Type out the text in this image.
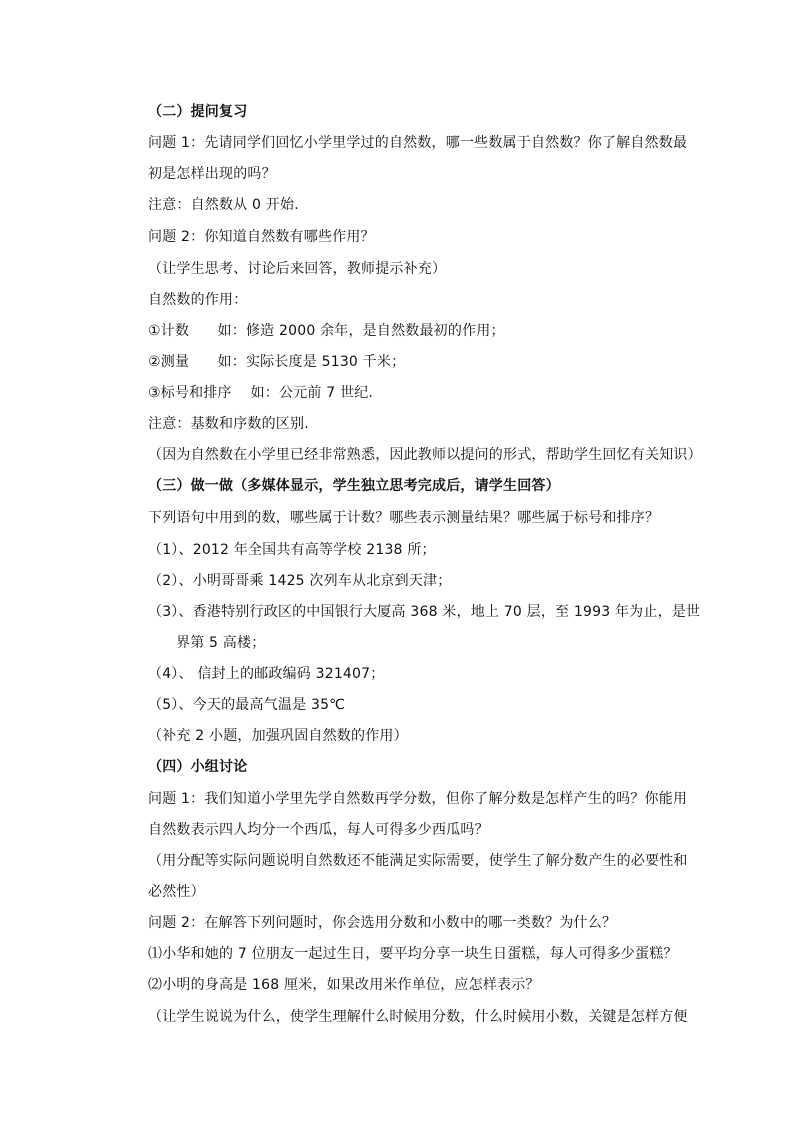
（二）提问复习
问题 1：先请同学们回忆小学里学过的自然数，哪一些数属于自然数？你了解自然数最
初是怎样出现的吗？
注意：自然数从 0 开始.
问题 2：你知道自然数有哪些作用？
（让学生思考、讨论后来回答，教师提示补充）
自然数的作用：
①计数　　如：修造 2000 余年，是自然数最初的作用；
②测量　　如：实际长度是 5130 千米；
③标号和排序　 如：公元前 7 世纪.
注意：基数和序数的区别.
（因为自然数在小学里已经非常熟悉，因此教师以提问的形式，帮助学生回忆有关知识）
（三）做一做（多媒体显示，学生独立思考完成后，请学生回答）
下列语句中用到的数，哪些属于计数？哪些表示测量结果？哪些属于标号和排序？
（1）、2012 年全国共有高等学校 2138 所；
（2）、小明哥哥乘 1425 次列车从北京到天津；
（3）、香港特别行政区的中国银行大厦高 368 米，地上 70 层，至 1993 年为止，是世
界第 5 高楼；
（4）、 信封上的邮政编码 321407；
（5）、今天的最高气温是 35℃
（补充 2 小题，加强巩固自然数的作用）
（四）小组讨论
问题 1：我们知道小学里先学自然数再学分数，但你了解分数是怎样产生的吗？你能用
自然数表示四人均分一个西瓜，每人可得多少西瓜吗？
（用分配等实际问题说明自然数还不能满足实际需要，使学生了解分数产生的必要性和
必然性）
问题 2：在解答下列问题时，你会选用分数和小数中的哪一类数？为什么？
⑴小华和她的 7 位朋友一起过生日，要平均分享一块生日蛋糕，每人可得多少蛋糕？
⑵小明的身高是 168 厘米，如果改用米作单位，应怎样表示？
（让学生说说为什么，使学生理解什么时候用分数，什么时候用小数，关键是怎样方便
